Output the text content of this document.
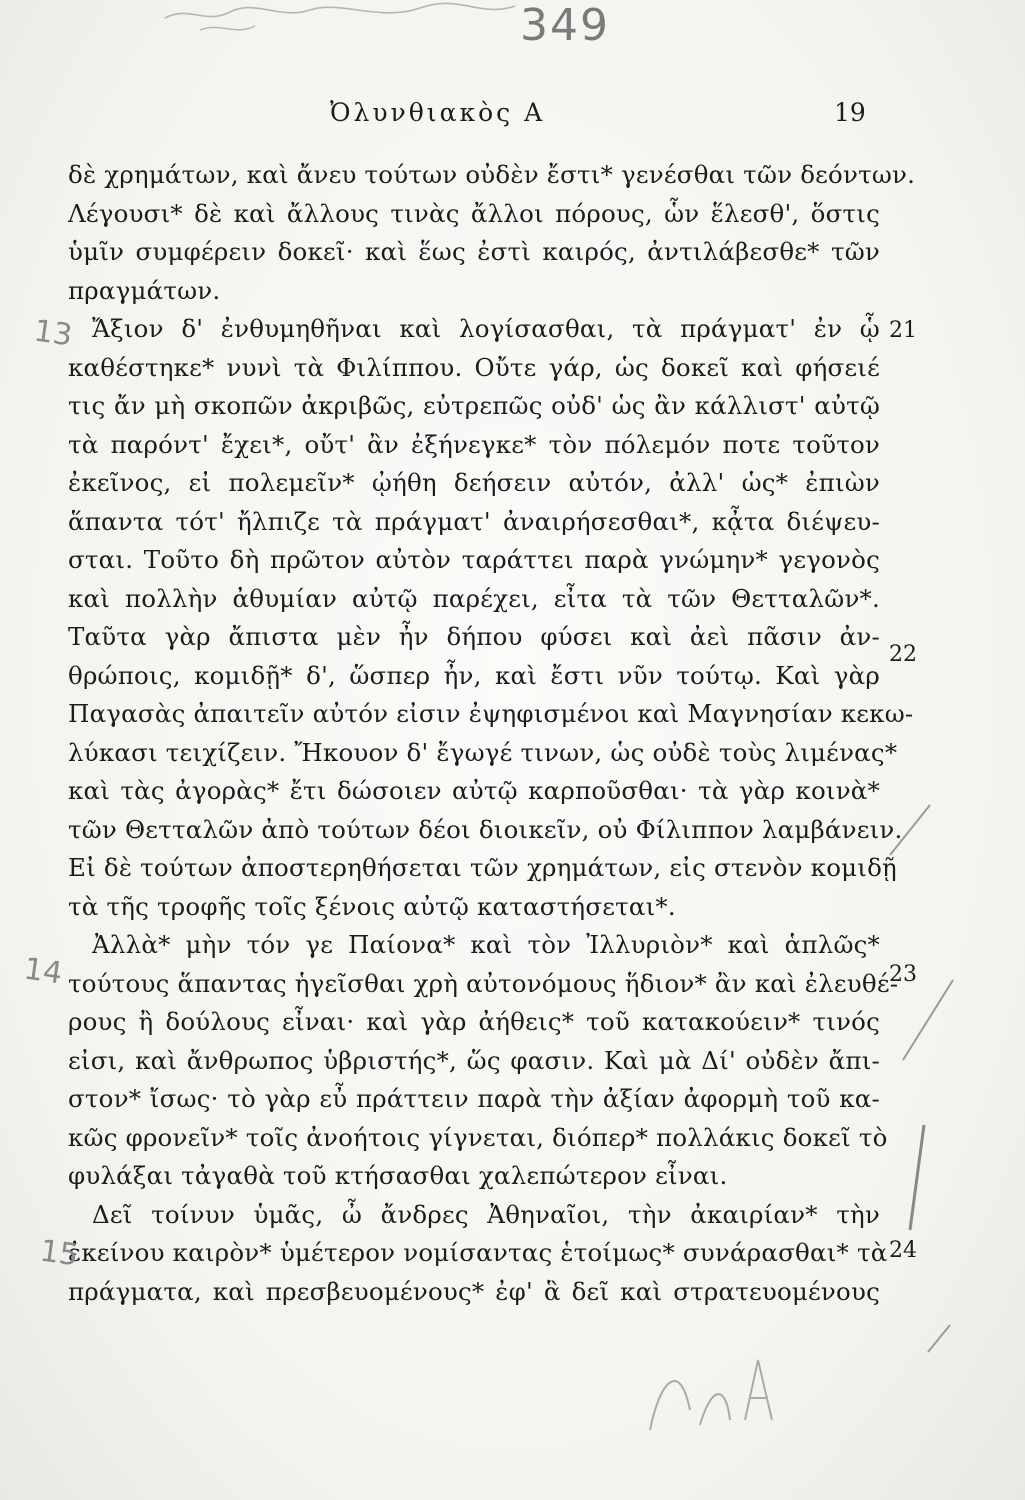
349
Ὀλυνθιακὸς Α	19
δὲ χρημάτων, καὶ ἄνευ τούτων οὐδὲν ἔστι* γενέσθαι τῶν δεόντων.
Λέγουσι* δὲ καὶ ἄλλους τινὰς ἄλλοι πόρους, ὧν ἕλεσθ', ὅστις
ὑμῖν συμφέρειν δοκεῖ· καὶ ἕως ἐστὶ καιρός, ἀντιλάβεσθε* τῶν
πραγμάτων.
Ἄξιον δ' ἐνθυμηθῆναι καὶ λογίσασθαι, τὰ πράγματ' ἐν ᾧ
καθέστηκε* νυνὶ τὰ Φιλίππου. Οὔτε γάρ, ὡς δοκεῖ καὶ φήσειέ
τις ἄν μὴ σκοπῶν ἀκριβῶς, εὐτρεπῶς οὐδ' ὡς ἂν κάλλιστ' αὐτῷ
τὰ παρόντ' ἔχει*, οὔτ' ἂν ἐξήνεγκε* τὸν πόλεμόν ποτε τοῦτον
ἐκεῖνος, εἰ πολεμεῖν* ᾠήθη δεήσειν αὐτόν, ἀλλ' ὡς* ἐπιὼν
ἅπαντα τότ' ἤλπιζε τὰ πράγματ' ἀναιρήσεσθαι*, κᾆτα διέψευ-
σται. Τοῦτο δὴ πρῶτον αὐτὸν ταράττει παρὰ γνώμην* γεγονὸς
καὶ πολλὴν ἀθυμίαν αὐτῷ παρέχει, εἶτα τὰ τῶν Θετταλῶν*.
Ταῦτα γὰρ ἄπιστα μὲν ἦν δήπου φύσει καὶ ἀεὶ πᾶσιν ἀν-
θρώποις, κομιδῇ* δ', ὥσπερ ἦν, καὶ ἔστι νῦν τούτῳ. Καὶ γὰρ
Παγασὰς ἀπαιτεῖν αὐτόν εἰσιν ἐψηφισμένοι καὶ Μαγνησίαν κεκω-
λύκασι τειχίζειν. Ἤκουον δ' ἔγωγέ τινων, ὡς οὐδὲ τοὺς λιμένας*
καὶ τὰς ἀγορὰς* ἔτι δώσοιεν αὐτῷ καρποῦσθαι· τὰ γὰρ κοινὰ*
τῶν Θετταλῶν ἀπὸ τούτων δέοι διοικεῖν, οὐ Φίλιππον λαμβάνειν.
Εἰ δὲ τούτων ἀποστερηθήσεται τῶν χρημάτων, εἰς στενὸν κομιδῇ
τὰ τῆς τροφῆς τοῖς ξένοις αὐτῷ καταστήσεται*.
Ἀλλὰ* μὴν τόν γε Παίονα* καὶ τὸν Ἰλλυριὸν* καὶ ἁπλῶς*
τούτους ἅπαντας ἡγεῖσθαι χρὴ αὐτονόμους ἥδιον* ἂν καὶ ἐλευθέ-
ρους ἢ δούλους εἶναι· καὶ γὰρ ἀήθεις* τοῦ κατακούειν* τινός
εἰσι, καὶ ἄνθρωπος ὑβριστής*, ὥς φασιν. Καὶ μὰ Δί' οὐδὲν ἄπι-
στον* ἴσως· τὸ γὰρ εὖ πράττειν παρὰ τὴν ἀξίαν ἀφορμὴ τοῦ κα-
κῶς φρονεῖν* τοῖς ἀνοήτοις γίγνεται, διόπερ* πολλάκις δοκεῖ τὸ
φυλάξαι τἀγαθὰ τοῦ κτήσασθαι χαλεπώτερον εἶναι.
Δεῖ τοίνυν ὑμᾶς, ὦ ἄνδρες Ἀθηναῖοι, τὴν ἀκαιρίαν* τὴν
ἐκείνου καιρὸν* ὑμέτερον νομίσαντας ἑτοίμως* συνάρασθαι* τὰ
πράγματα, καὶ πρεσβευομένους* ἐφ' ἃ δεῖ καὶ στρατευομένους
21
22
23
24
13
14
15
